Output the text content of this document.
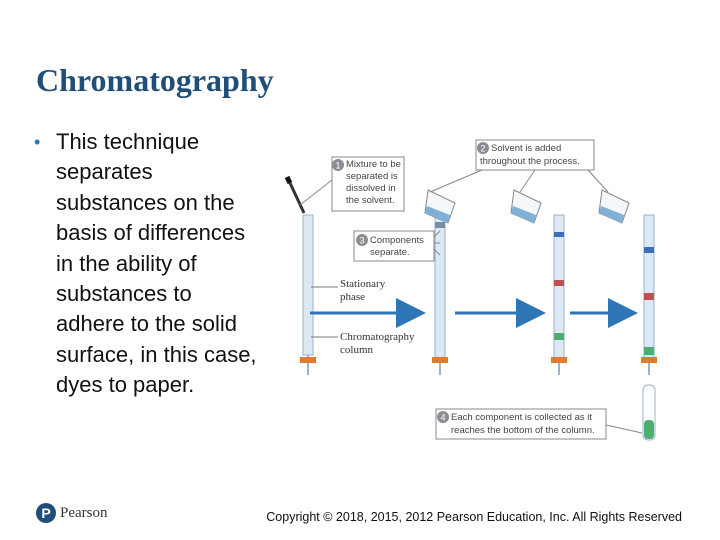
Chromatography
• This technique separates substances on the basis of differences in the ability of substances to adhere to the solid surface, in this case, dyes to paper.
1 Mixture to be
separated is
dissolved in
the solvent.
2 Solvent is added
throughout the process.
3 Components
separate.
Stationary
phase
Chromatography
column
4 Each component is collected as it
reaches the bottom of the column.
P Pearson	Copyright © 2018, 2015, 2012 Pearson Education, Inc. All Rights Reserved
